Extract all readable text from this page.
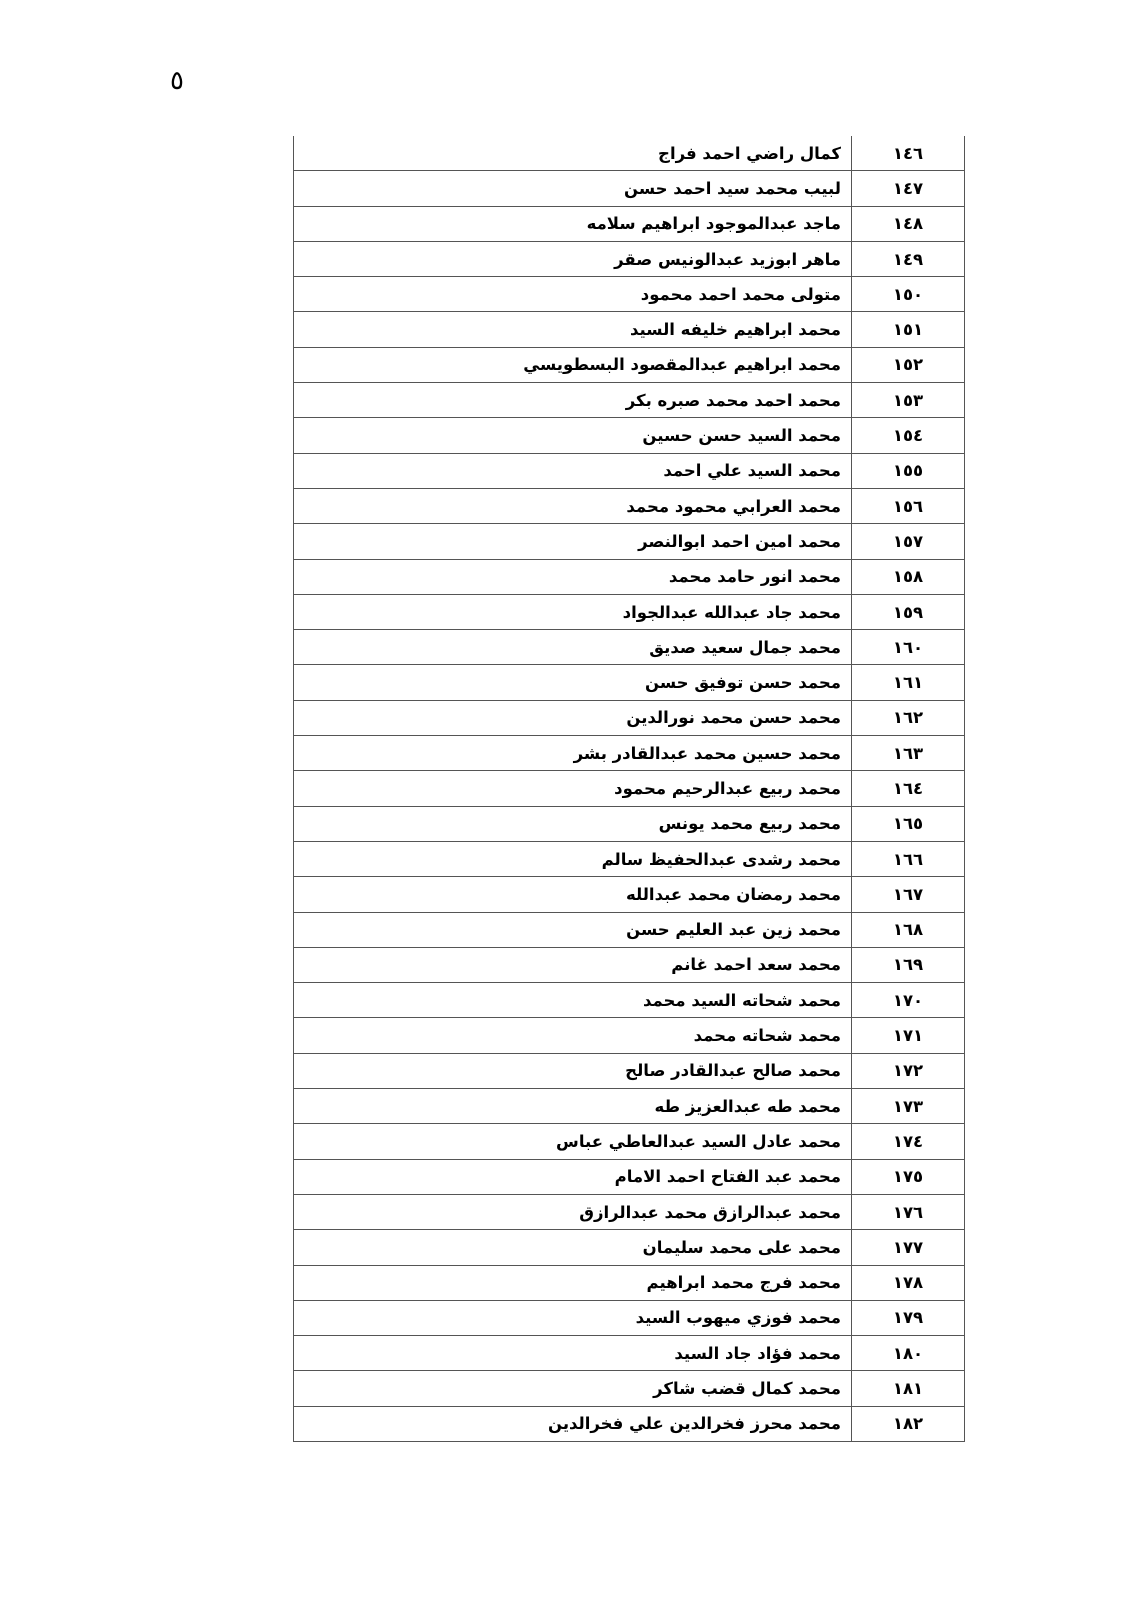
٥
١٤٦	كمال راضي احمد فراج
١٤٧	لبيب محمد سيد احمد حسن
١٤٨	ماجد عبدالموجود ابراهيم سلامه
١٤٩	ماهر ابوزيد عبدالونيس صقر
١٥٠	متولى محمد احمد محمود
١٥١	محمد ابراهيم خليفه السيد
١٥٢	محمد ابراهيم عبدالمقصود البسطويسي
١٥٣	محمد احمد محمد صبره بكر
١٥٤	محمد السيد حسن حسين
١٥٥	محمد السيد علي احمد
١٥٦	محمد العرابي محمود محمد
١٥٧	محمد امين احمد ابوالنصر
١٥٨	محمد انور حامد محمد
١٥٩	محمد جاد عبدالله عبدالجواد
١٦٠	محمد جمال سعيد صديق
١٦١	محمد حسن توفيق حسن
١٦٢	محمد حسن محمد نورالدين
١٦٣	محمد حسين محمد عبدالقادر بشر
١٦٤	محمد ربيع عبدالرحيم محمود
١٦٥	محمد ربيع محمد يونس
١٦٦	محمد رشدى عبدالحفيظ سالم
١٦٧	محمد رمضان محمد عبدالله
١٦٨	محمد زين عبد العليم حسن
١٦٩	محمد سعد احمد غانم
١٧٠	محمد شحاته السيد محمد
١٧١	محمد شحاته محمد
١٧٢	محمد صالح عبدالقادر صالح
١٧٣	محمد طه عبدالعزيز طه
١٧٤	محمد عادل السيد عبدالعاطي عباس
١٧٥	محمد عبد الفتاح احمد الامام
١٧٦	محمد عبدالرازق محمد عبدالرازق
١٧٧	محمد على محمد سليمان
١٧٨	محمد فرج محمد ابراهيم
١٧٩	محمد فوزي ميهوب السيد
١٨٠	محمد فؤاد جاد السيد
١٨١	محمد كمال قضب شاكر
١٨٢	محمد محرز فخرالدين علي فخرالدين
